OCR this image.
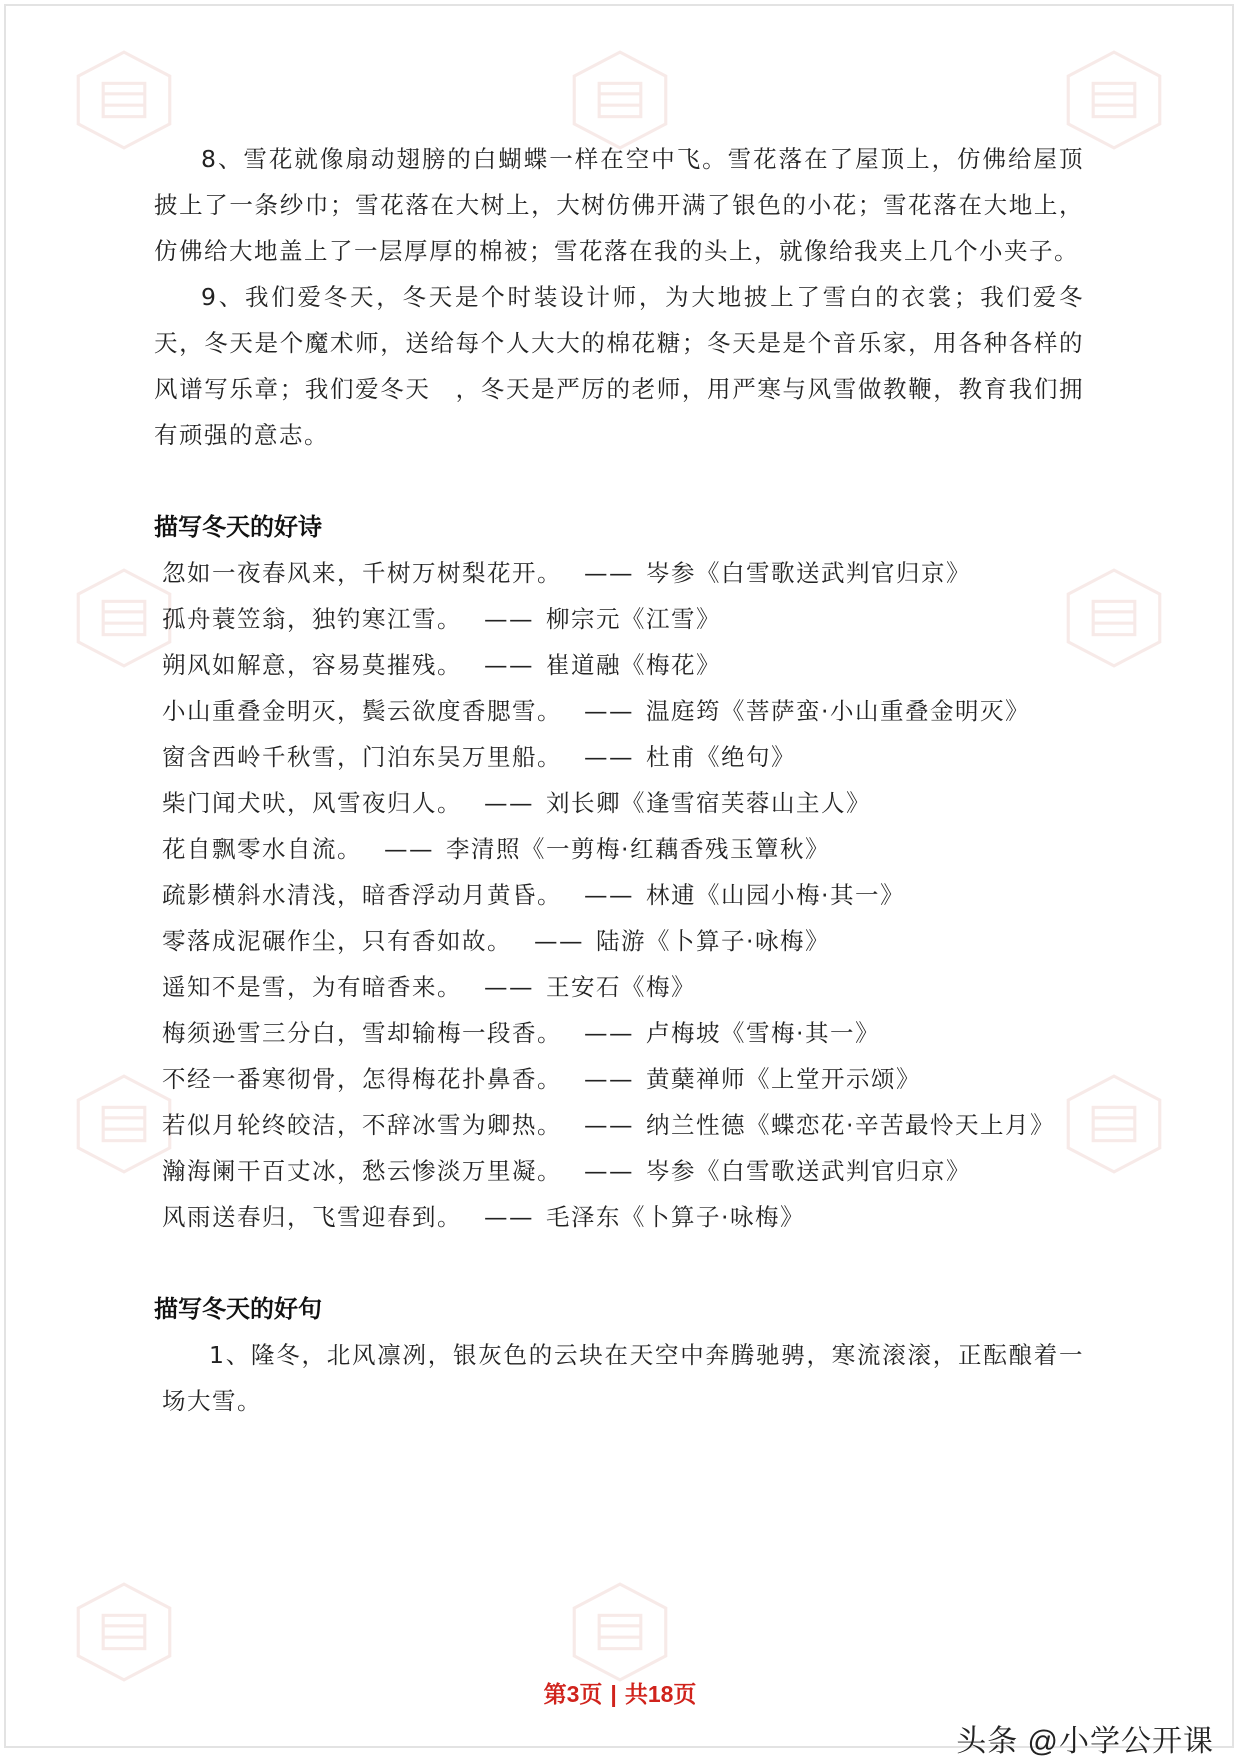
8、雪花就像扇动翅膀的白蝴蝶一样在空中飞。雪花落在了屋顶上，仿佛给屋顶披上了一条纱巾；雪花落在大树上，大树仿佛开满了银色的小花；雪花落在大地上，仿佛给大地盖上了一层厚厚的棉被；雪花落在我的头上，就像给我夹上几个小夹子。

9、我们爱冬天，冬天是个时装设计师，为大地披上了雪白的衣裳；我们爱冬天，冬天是个魔术师，送给每个人大大的棉花糖；冬天是是个音乐家，用各种各样的风谱写乐章；我们爱冬天　，冬天是严厉的老师，用严寒与风雪做教鞭，教育我们拥有顽强的意志。

描写冬天的好诗
忽如一夜春风来，千树万树梨花开。 —— 岑参《白雪歌送武判官归京》
孤舟蓑笠翁，独钓寒江雪。 —— 柳宗元《江雪》
朔风如解意，容易莫摧残。 —— 崔道融《梅花》
小山重叠金明灭，鬓云欲度香腮雪。 —— 温庭筠《菩萨蛮·小山重叠金明灭》
窗含西岭千秋雪，门泊东吴万里船。 —— 杜甫《绝句》
柴门闻犬吠，风雪夜归人。 —— 刘长卿《逢雪宿芙蓉山主人》
花自飘零水自流。 —— 李清照《一剪梅·红藕香残玉簟秋》
疏影横斜水清浅，暗香浮动月黄昏。 —— 林逋《山园小梅·其一》
零落成泥碾作尘，只有香如故。 —— 陆游《卜算子·咏梅》
遥知不是雪，为有暗香来。 —— 王安石《梅》
梅须逊雪三分白，雪却输梅一段香。 —— 卢梅坡《雪梅·其一》
不经一番寒彻骨，怎得梅花扑鼻香。 —— 黄蘖禅师《上堂开示颂》
若似月轮终皎洁，不辞冰雪为卿热。 —— 纳兰性德《蝶恋花·辛苦最怜天上月》
瀚海阑干百丈冰，愁云惨淡万里凝。 —— 岑参《白雪歌送武判官归京》
风雨送春归，飞雪迎春到。 —— 毛泽东《卜算子·咏梅》
描写冬天的好句

1、隆冬，北风凛冽，银灰色的云块在天空中奔腾驰骋，寒流滚滚，正酝酿着一场大雪。

第3页 | 共18页
头条 @小学公开课
